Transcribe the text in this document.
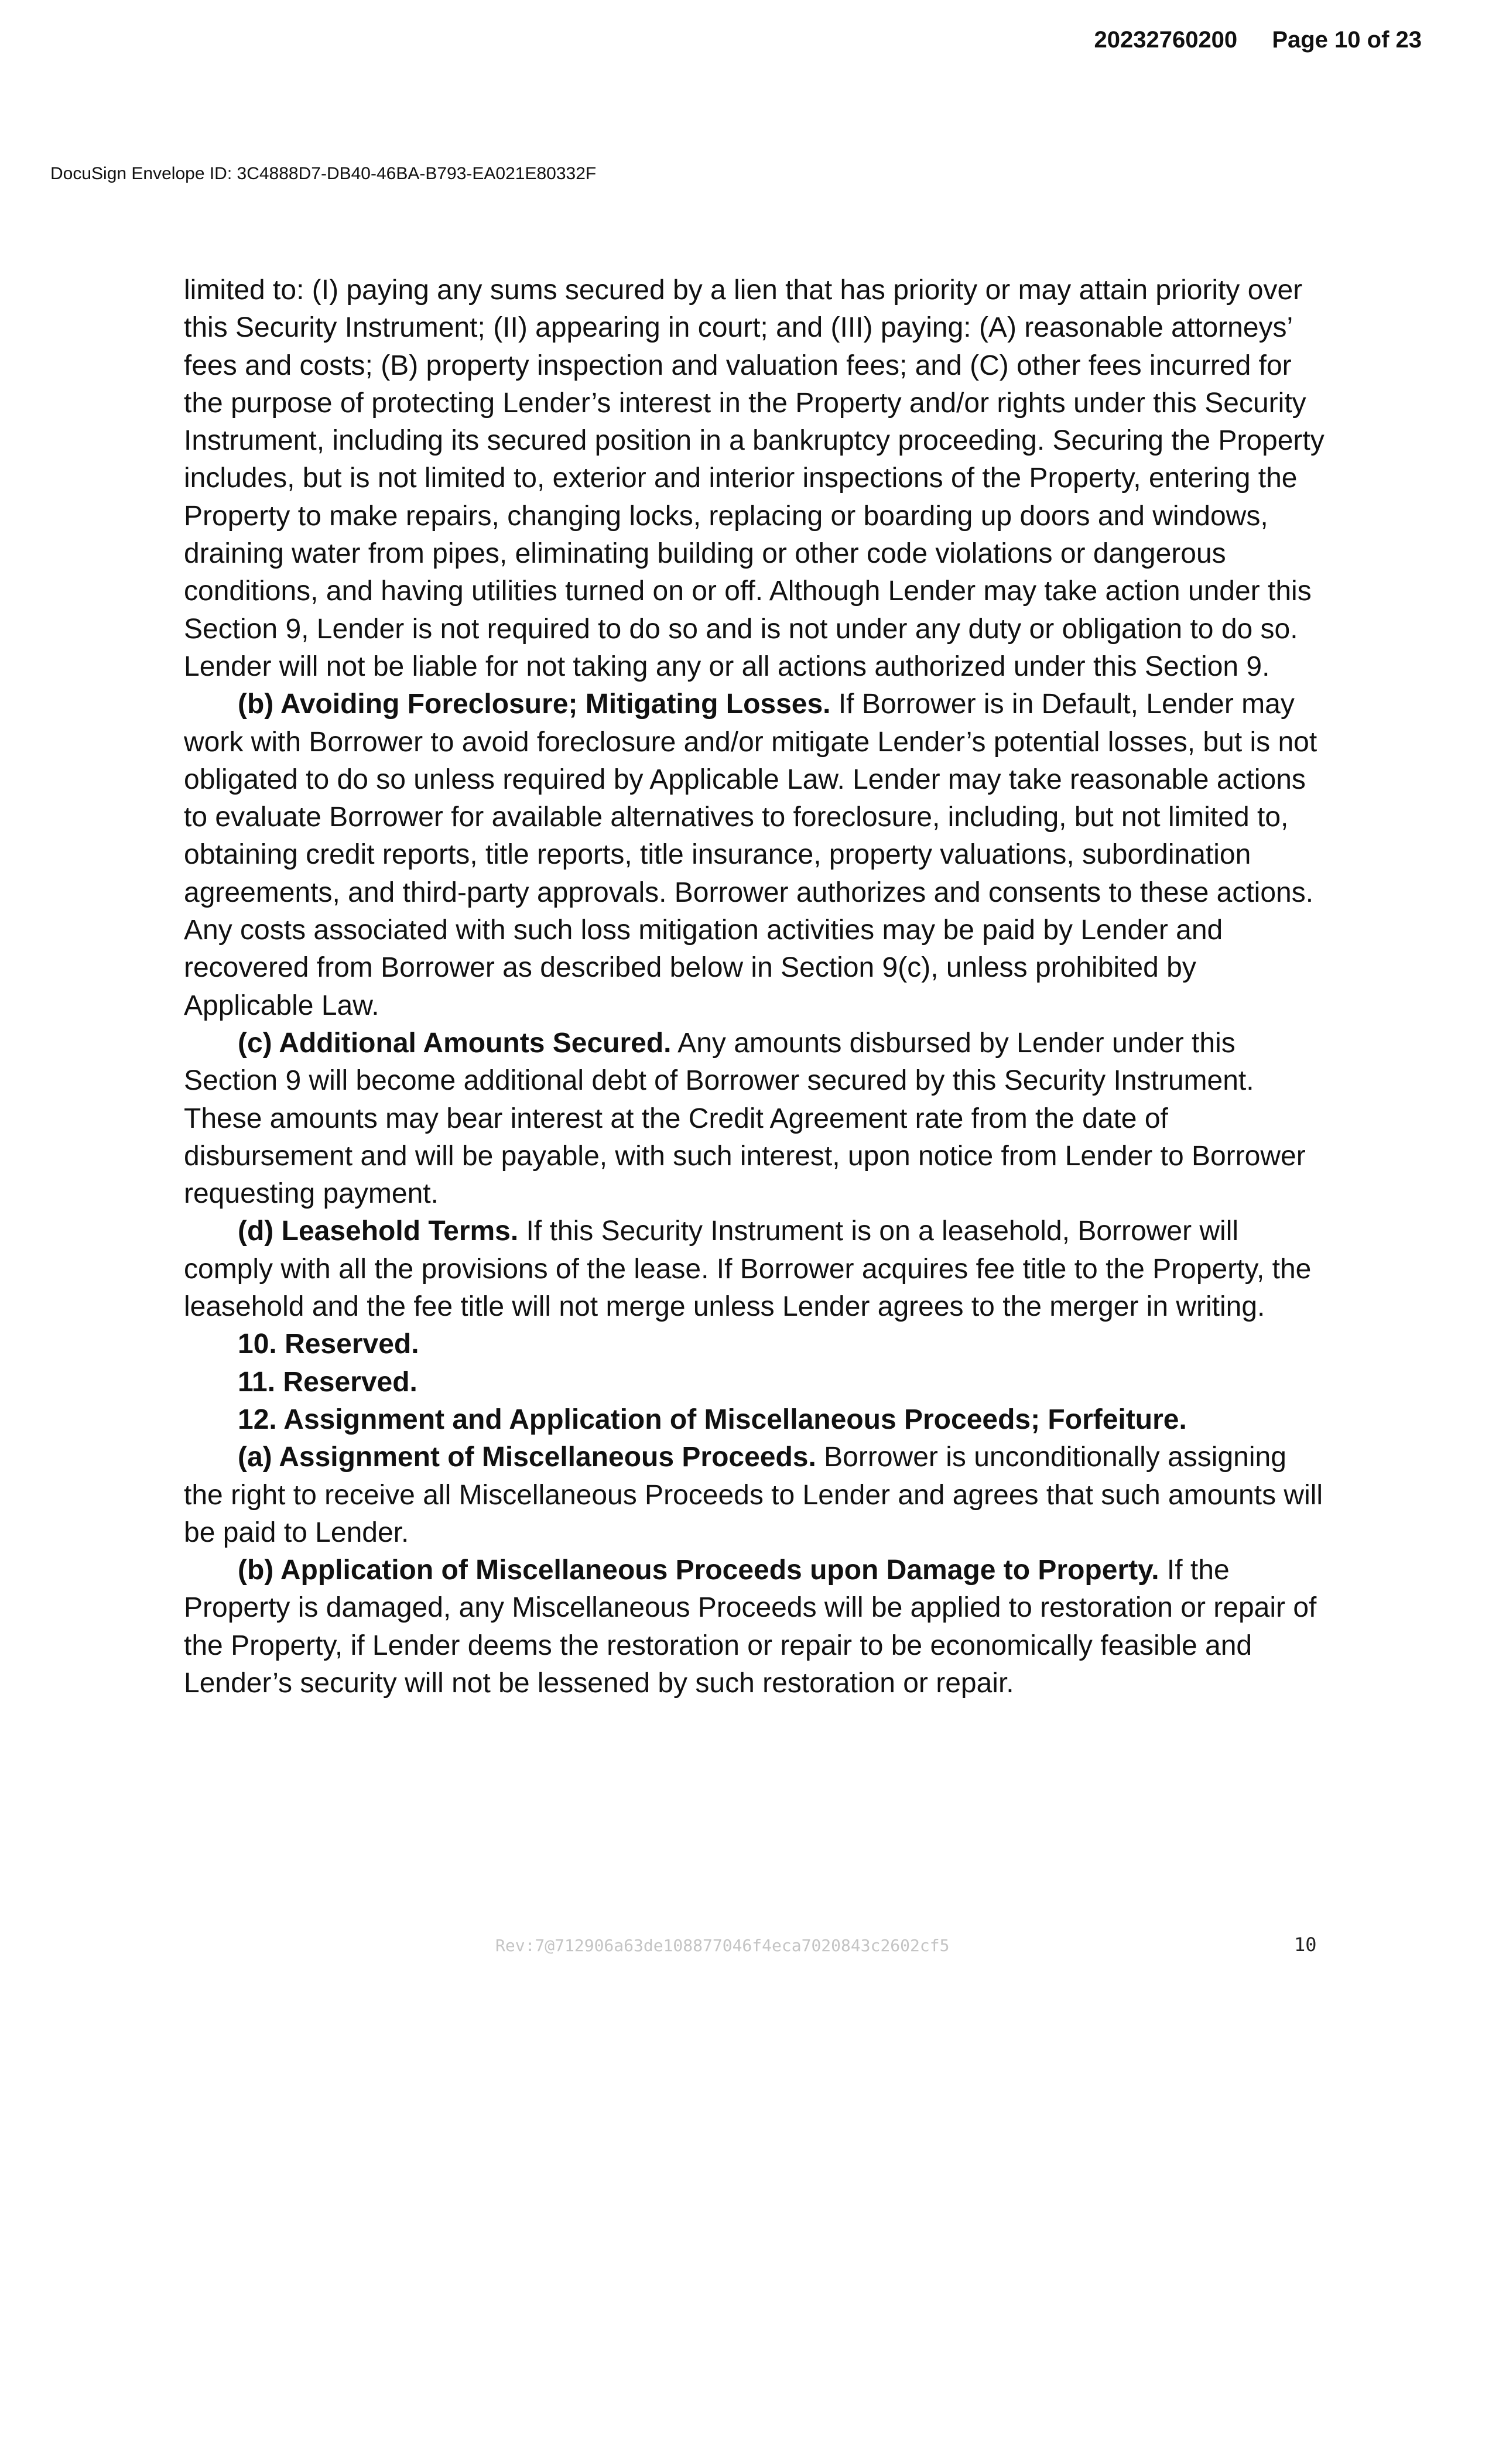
20232760200 Page 10 of 23
DocuSign Envelope ID: 3C4888D7-DB40-46BA-B793-EA021E80332F

limited to: (I) paying any sums secured by a lien that has priority or may attain priority over this Security Instrument; (II) appearing in court; and (III) paying: (A) reasonable attorneys’ fees and costs; (B) property inspection and valuation fees; and (C) other fees incurred for the purpose of protecting Lender’s interest in the Property and/or rights under this Security Instrument, including its secured position in a bankruptcy proceeding. Securing the Property includes, but is not limited to, exterior and interior inspections of the Property, entering the Property to make repairs, changing locks, replacing or boarding up doors and windows, draining water from pipes, eliminating building or other code violations or dangerous conditions, and having utilities turned on or off. Although Lender may take action under this Section 9, Lender is not required to do so and is not under any duty or obligation to do so. Lender will not be liable for not taking any or all actions authorized under this Section 9.

(b) Avoiding Foreclosure; Mitigating Losses. If Borrower is in Default, Lender may work with Borrower to avoid foreclosure and/or mitigate Lender’s potential losses, but is not obligated to do so unless required by Applicable Law. Lender may take reasonable actions to evaluate Borrower for available alternatives to foreclosure, including, but not limited to, obtaining credit reports, title reports, title insurance, property valuations, subordination agreements, and third-party approvals. Borrower authorizes and consents to these actions. Any costs associated with such loss mitigation activities may be paid by Lender and recovered from Borrower as described below in Section 9(c), unless prohibited by Applicable Law.

(c) Additional Amounts Secured. Any amounts disbursed by Lender under this Section 9 will become additional debt of Borrower secured by this Security Instrument. These amounts may bear interest at the Credit Agreement rate from the date of disbursement and will be payable, with such interest, upon notice from Lender to Borrower requesting payment.

(d) Leasehold Terms. If this Security Instrument is on a leasehold, Borrower will comply with all the provisions of the lease. If Borrower acquires fee title to the Property, the leasehold and the fee title will not merge unless Lender agrees to the merger in writing.

10. Reserved.

11. Reserved.

12. Assignment and Application of Miscellaneous Proceeds; Forfeiture.

(a) Assignment of Miscellaneous Proceeds. Borrower is unconditionally assigning the right to receive all Miscellaneous Proceeds to Lender and agrees that such amounts will be paid to Lender.

(b) Application of Miscellaneous Proceeds upon Damage to Property. If the Property is damaged, any Miscellaneous Proceeds will be applied to restoration or repair of the Property, if Lender deems the restoration or repair to be economically feasible and Lender’s security will not be lessened by such restoration or repair.

Rev:7@712906a63de108877046f4eca7020843c2602cf5	10
